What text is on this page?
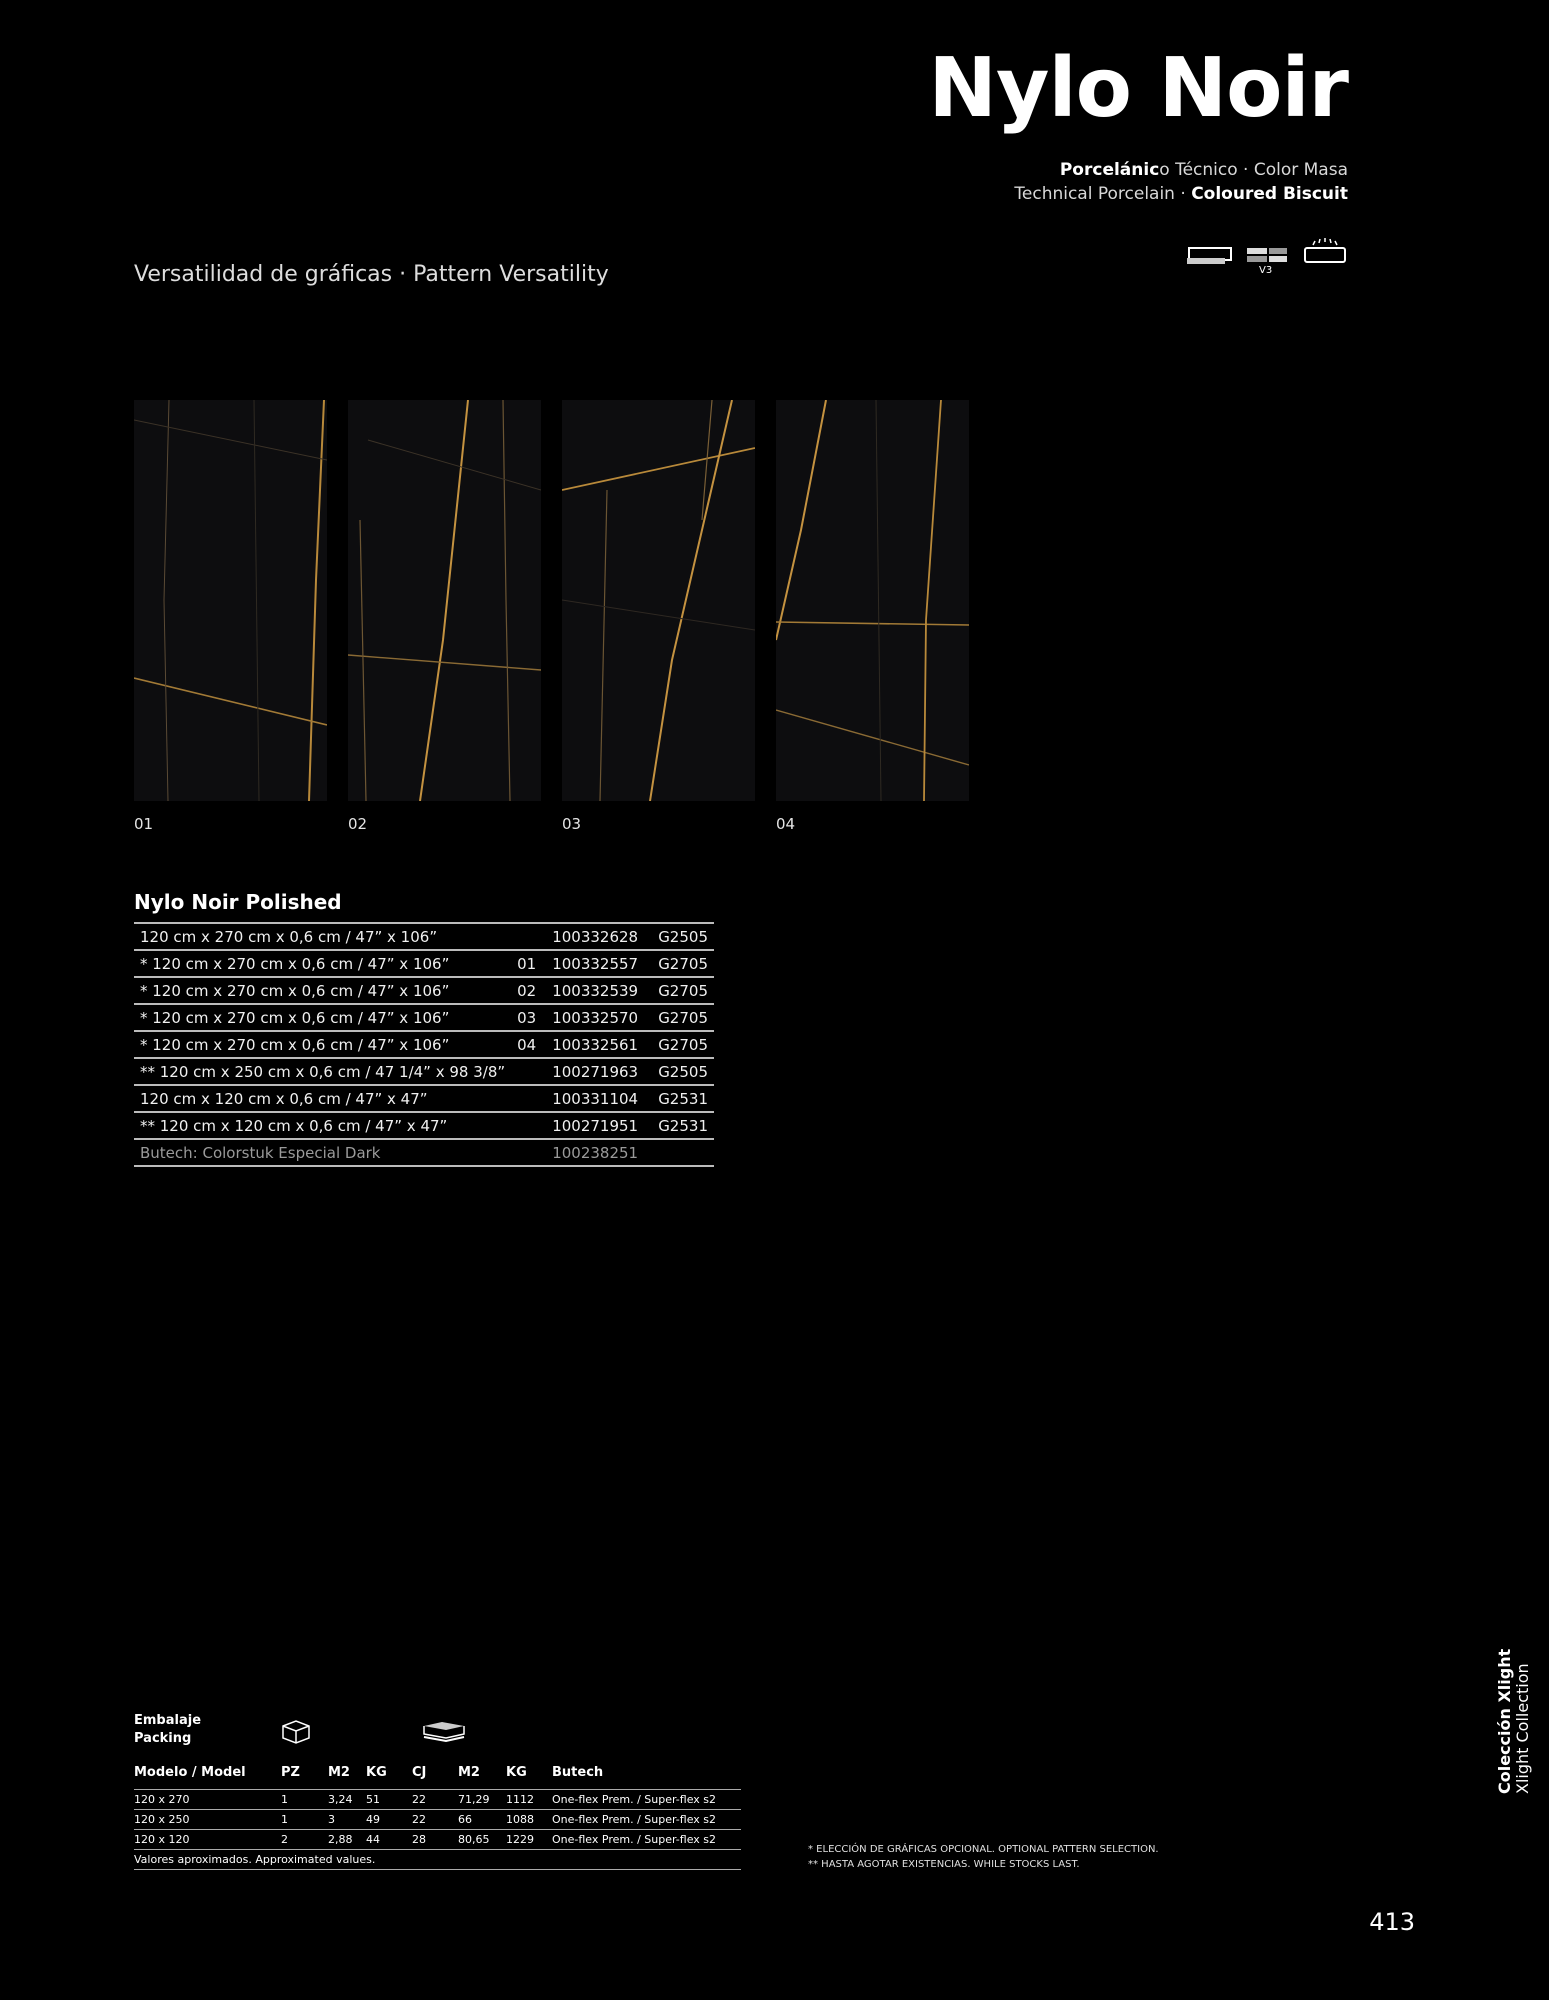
Nylo Noir
Porcelánico Técnico · Color Masa
Technical Porcelain · Coloured Biscuit
V3
Versatilidad de gráficas · Pattern Versatility
01	02	03	04
Nylo Noir Polished
120 cm x 270 cm x 0,6 cm / 47” x 106”		100332628	G2505
* 120 cm x 270 cm x 0,6 cm / 47” x 106”	01	100332557	G2705
* 120 cm x 270 cm x 0,6 cm / 47” x 106”	02	100332539	G2705
* 120 cm x 270 cm x 0,6 cm / 47” x 106”	03	100332570	G2705
* 120 cm x 270 cm x 0,6 cm / 47” x 106”	04	100332561	G2705
** 120 cm x 250 cm x 0,6 cm / 47 1/4” x 98 3/8”		100271963	G2505
120 cm x 120 cm x 0,6 cm / 47” x 47”		100331104	G2531
** 120 cm x 120 cm x 0,6 cm / 47” x 47”		100271951	G2531
Butech: Colorstuk Especial Dark		100238251	
Embalaje
Packing
Modelo / Model	PZ	M2	KG	CJ	M2	KG	Butech
120 x 270	1	3,24	51	22	71,29	1112	One-flex Prem. / Super-flex s2
120 x 250	1	3	49	22	66	1088	One-flex Prem. / Super-flex s2
120 x 120	2	2,88	44	28	80,65	1229	One-flex Prem. / Super-flex s2
Valores aproximados. Approximated values.							
* ELECCIÓN DE GRÁFICAS OPCIONAL. OPTIONAL PATTERN SELECTION.
** HASTA AGOTAR EXISTENCIAS. WHILE STOCKS LAST.
Colección Xlight Xlight Collection
413
